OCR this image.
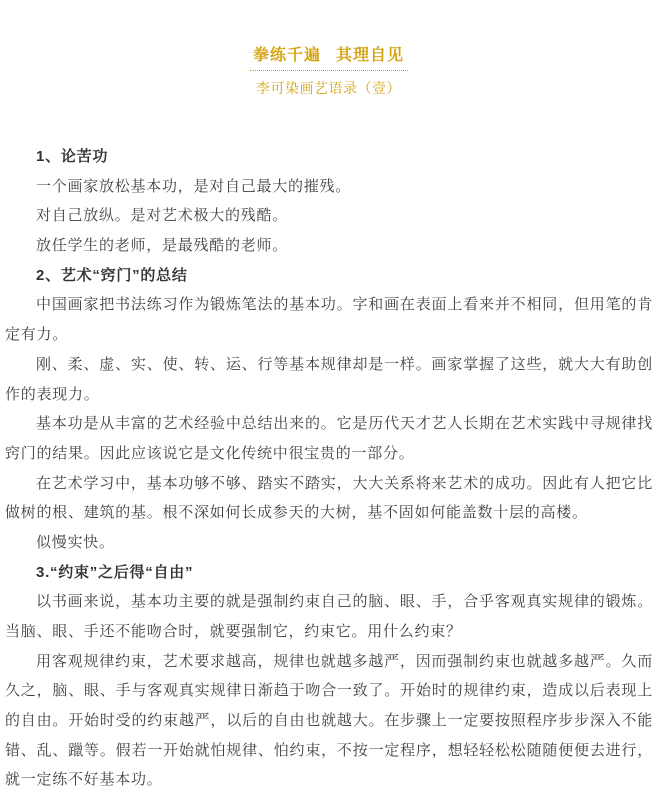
拳练千遍  其理自见
李可染画艺语录（壹）
1、论苦功
一个画家放松基本功，是对自己最大的摧残。
对自己放纵。是对艺术极大的残酷。
放任学生的老师，是最残酷的老师。
2、艺术“窍门”的总结
中国画家把书法练习作为锻炼笔法的基本功。字和画在表面上看来并不相同，但用笔的肯
定有力。
刚、柔、虚、实、使、转、运、行等基本规律却是一样。画家掌握了这些，就大大有助创
作的表现力。
基本功是从丰富的艺术经验中总结出来的。它是历代天才艺人长期在艺术实践中寻规律找
窍门的结果。因此应该说它是文化传统中很宝贵的一部分。
在艺术学习中，基本功够不够、踏实不踏实，大大关系将来艺术的成功。因此有人把它比
做树的根、建筑的基。根不深如何长成参天的大树，基不固如何能盖数十层的高楼。
似慢实快。
3.“约束”之后得“自由”
以书画来说，基本功主要的就是强制约束自己的脑、眼、手，合乎客观真实规律的锻炼。
当脑、眼、手还不能吻合时，就要强制它，约束它。用什么约束？
用客观规律约束，艺术要求越高，规律也就越多越严，因而强制约束也就越多越严。久而
久之，脑、眼、手与客观真实规律日渐趋于吻合一致了。开始时的规律约束，造成以后表现上
的自由。开始时受的约束越严，以后的自由也就越大。在步骤上一定要按照程序步步深入不能
错、乱、躐等。假若一开始就怕规律、怕约束，不按一定程序，想轻轻松松随随便便去进行，
就一定练不好基本功。
